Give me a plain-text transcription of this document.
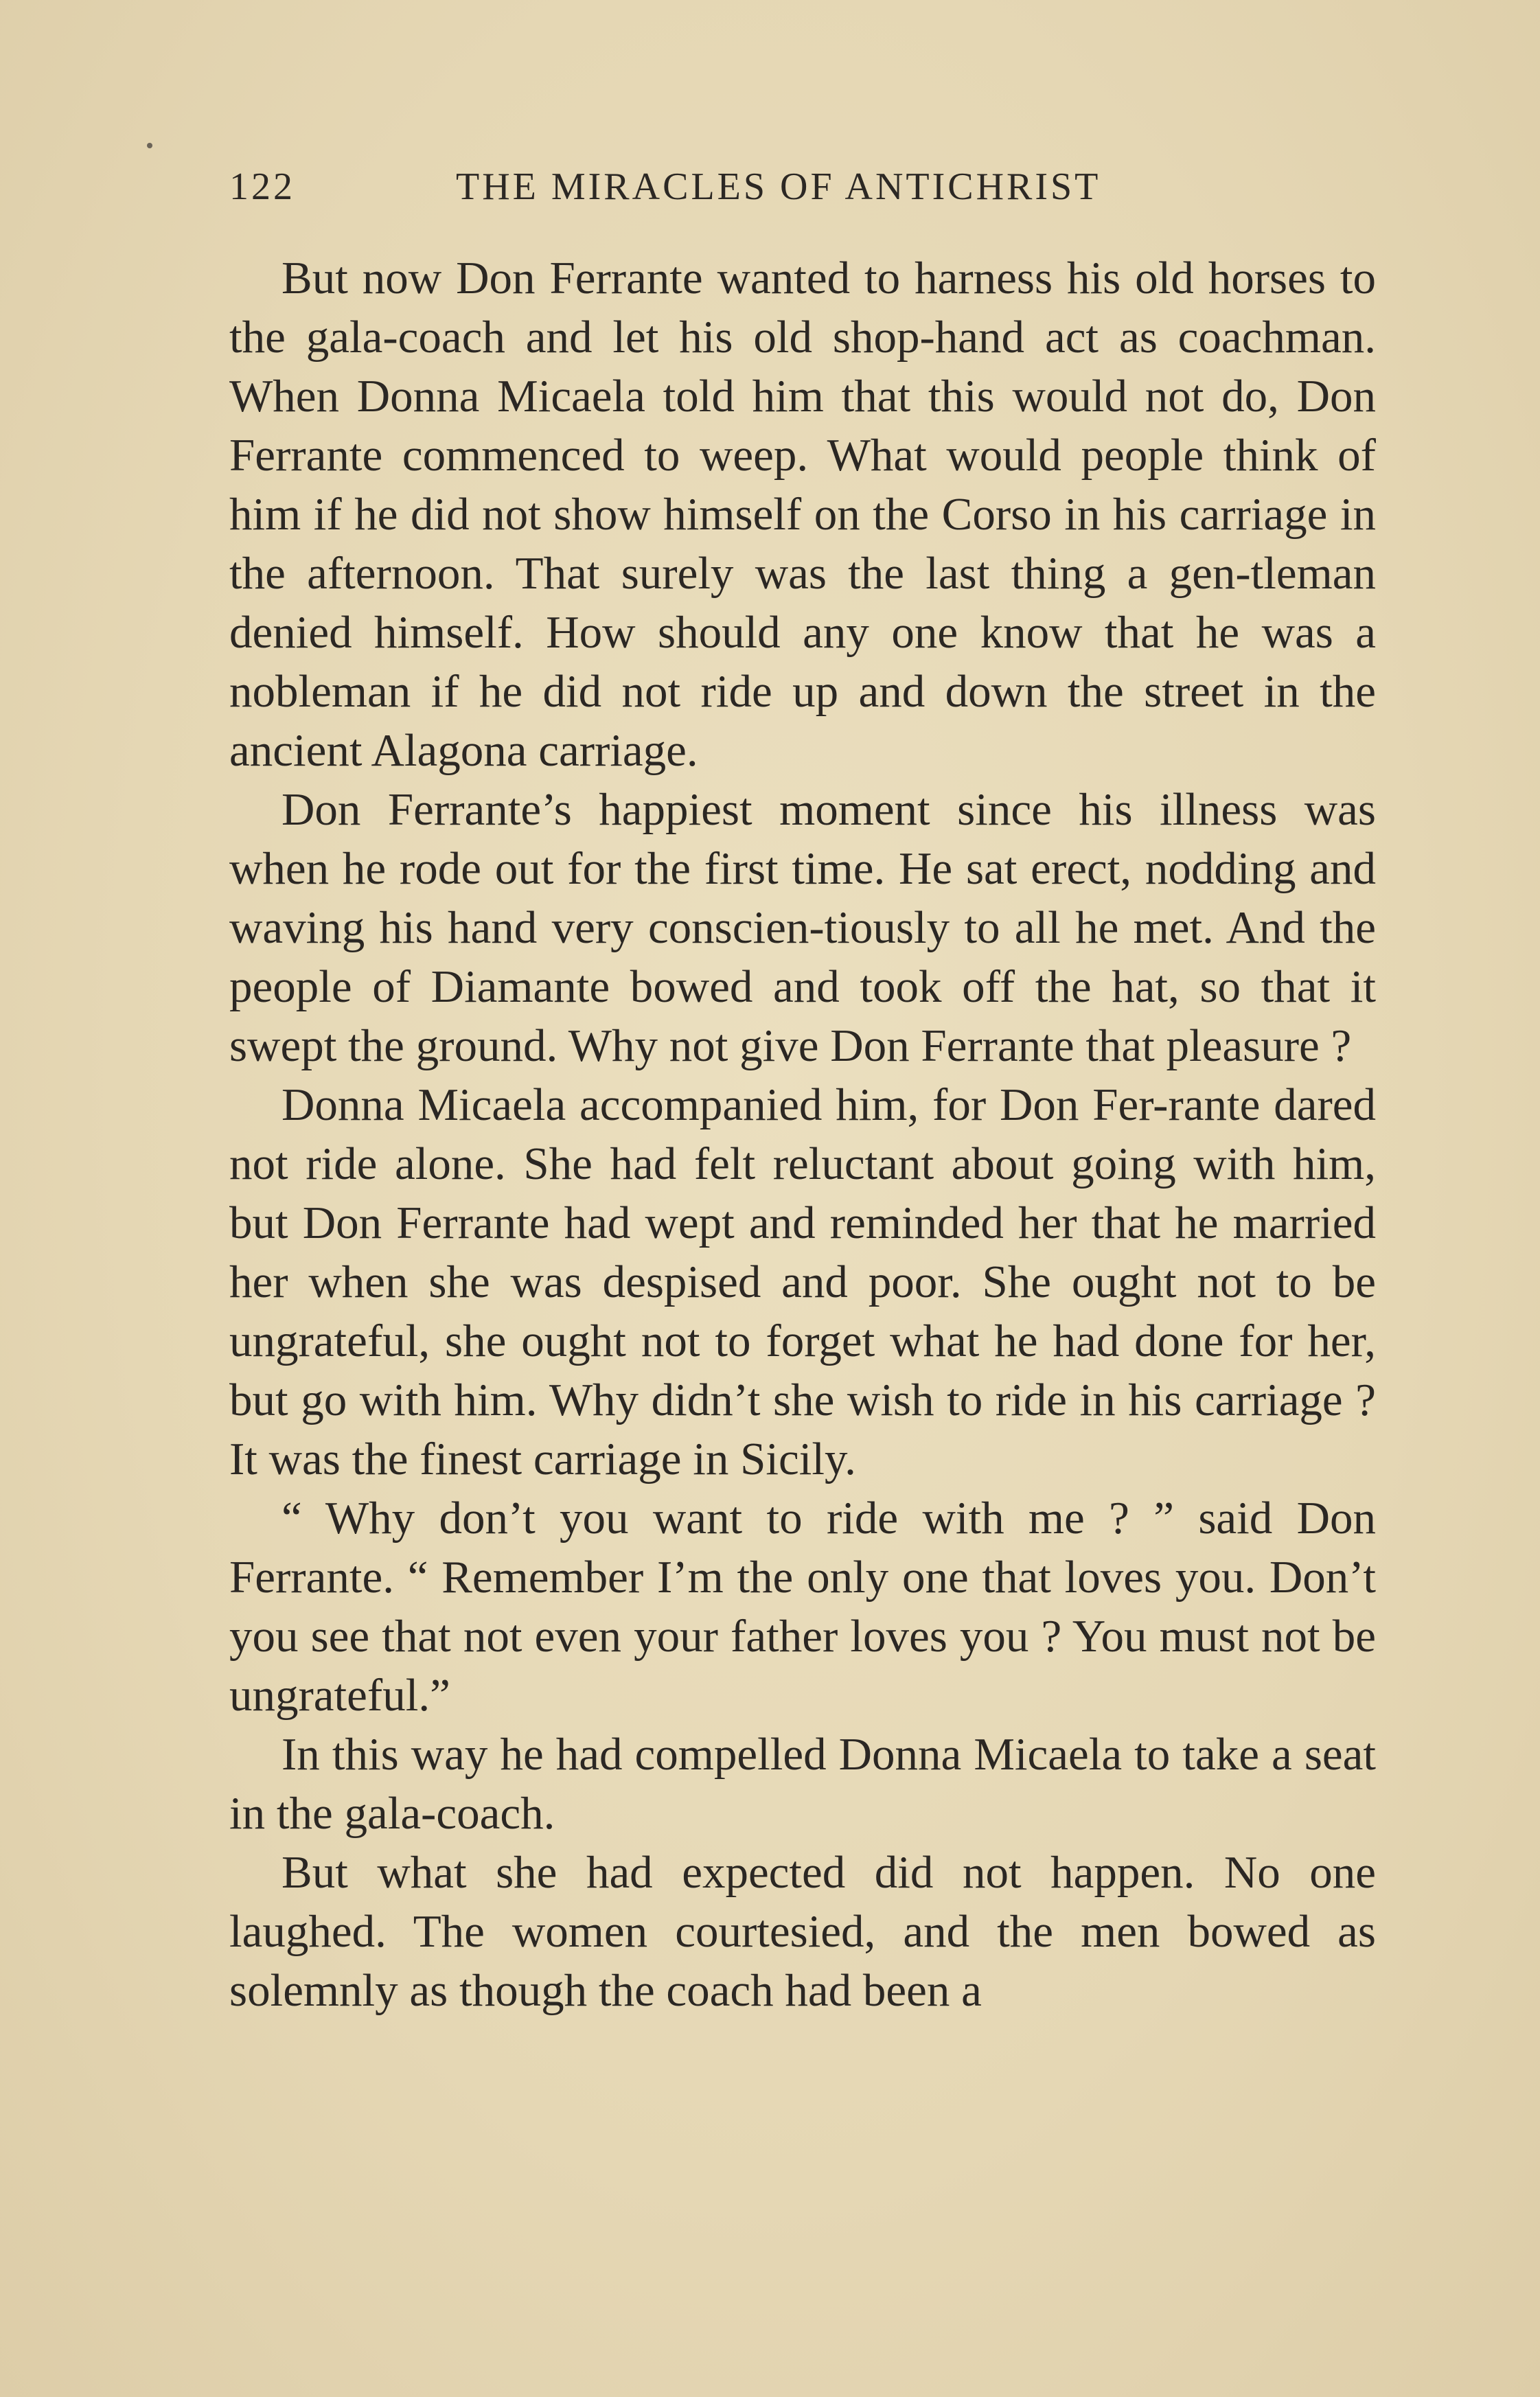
122	THE MIRACLES OF ANTICHRIST

But now Don Ferrante wanted to harness his old horses to the gala-coach and let his old shop-hand act as coachman. When Donna Micaela told him that this would not do, Don Ferrante commenced to weep. What would people think of him if he did not show himself on the Corso in his carriage in the afternoon. That surely was the last thing a gen-tleman denied himself. How should any one know that he was a nobleman if he did not ride up and down the street in the ancient Alagona carriage.

Don Ferrante’s happiest moment since his illness was when he rode out for the first time. He sat erect, nodding and waving his hand very conscien-tiously to all he met. And the people of Diamante bowed and took off the hat, so that it swept the ground. Why not give Don Ferrante that pleasure ?

Donna Micaela accompanied him, for Don Fer-rante dared not ride alone. She had felt reluctant about going with him, but Don Ferrante had wept and reminded her that he married her when she was despised and poor. She ought not to be ungrateful, she ought not to forget what he had done for her, but go with him. Why didn’t she wish to ride in his carriage ? It was the finest carriage in Sicily.

“ Why don’t you want to ride with me ? ” said Don Ferrante. “ Remember I’m the only one that loves you. Don’t you see that not even your father loves you ? You must not be ungrateful.”

In this way he had compelled Donna Micaela to take a seat in the gala-coach.

But what she had expected did not happen. No one laughed. The women courtesied, and the men bowed as solemnly as though the coach had been a
